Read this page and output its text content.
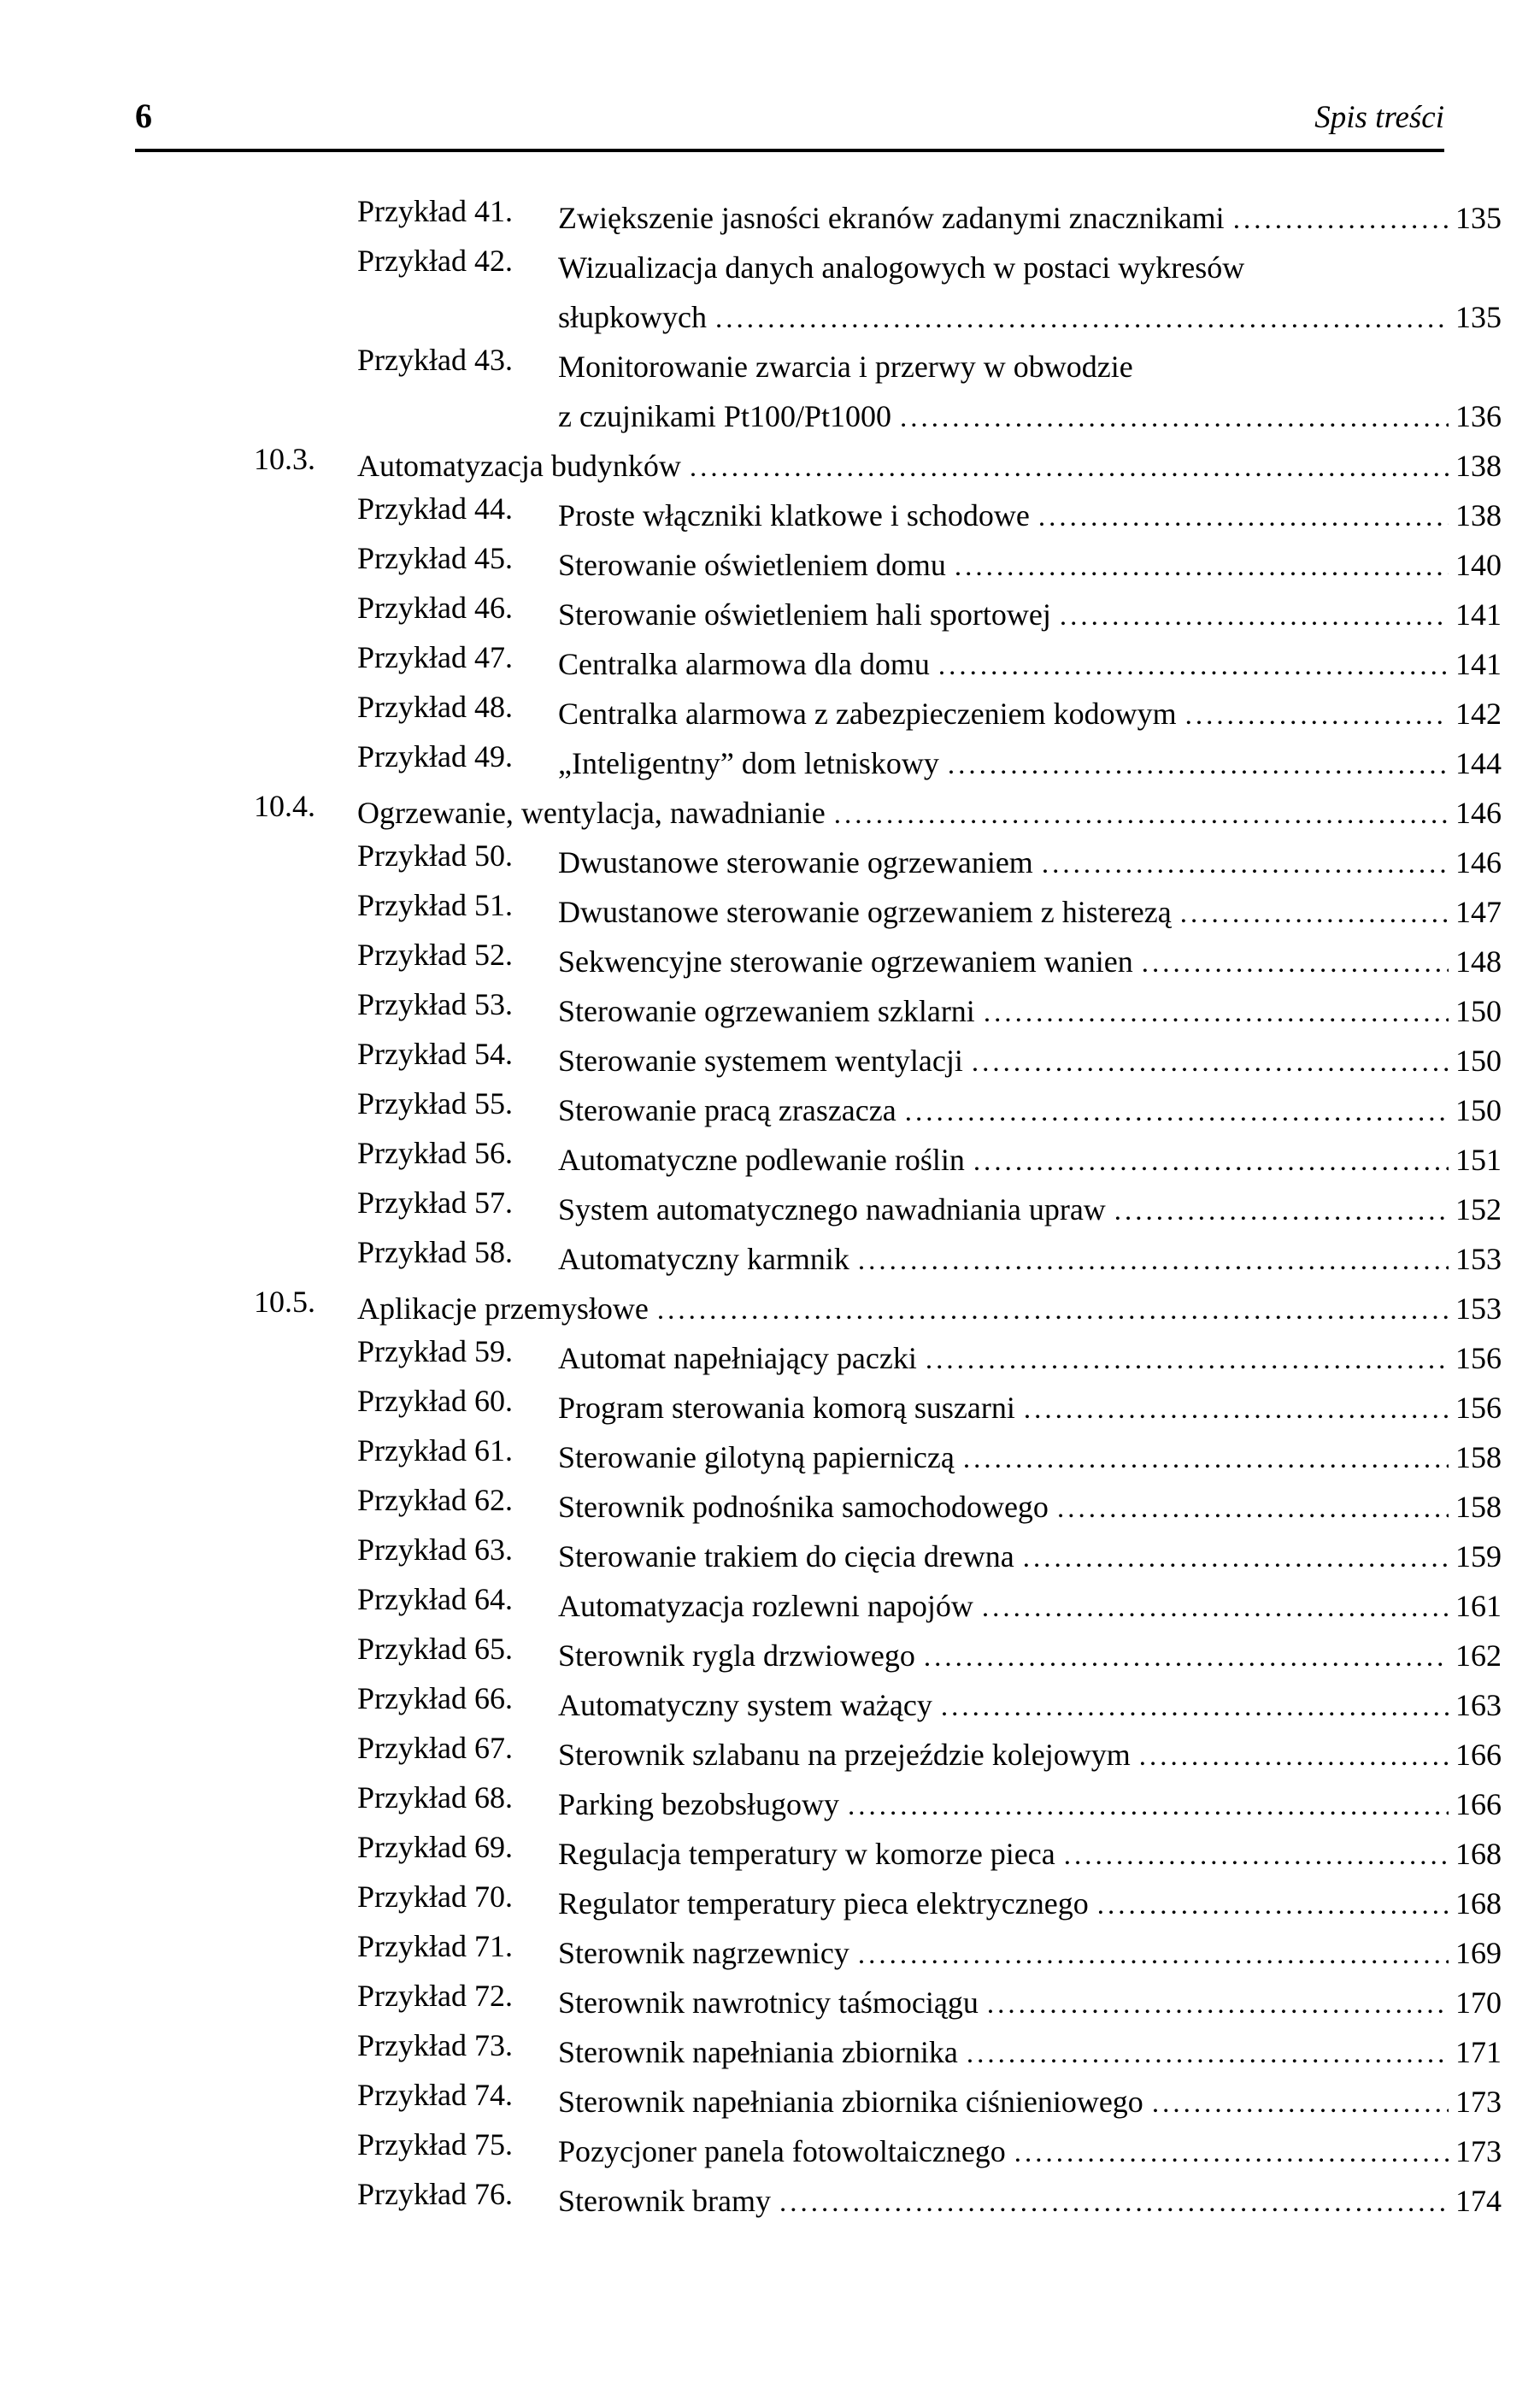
6	Spis treści
Przykład 41.	Zwiększenie jasności ekranów zadanymi znacznikami .....	135
Przykład 42.	Wizualizacja danych analogowych w postaci wykresów
słupkowych .....	135
Przykład 43.	Monitorowanie zwarcia i przerwy w obwodzie
z czujnikami Pt100/Pt1000 .....	136
10.3.	Automatyzacja budynków .....	138
Przykład 44.	Proste włączniki klatkowe i schodowe .....	138
Przykład 45.	Sterowanie oświetleniem domu .....	140
Przykład 46.	Sterowanie oświetleniem hali sportowej .....	141
Przykład 47.	Centralka alarmowa dla domu .....	141
Przykład 48.	Centralka alarmowa z zabezpieczeniem kodowym .....	142
Przykład 49.	„Inteligentny” dom letniskowy .....	144
10.4.	Ogrzewanie, wentylacja, nawadnianie .....	146
Przykład 50.	Dwustanowe sterowanie ogrzewaniem .....	146
Przykład 51.	Dwustanowe sterowanie ogrzewaniem z histerezą .....	147
Przykład 52.	Sekwencyjne sterowanie ogrzewaniem wanien .....	148
Przykład 53.	Sterowanie ogrzewaniem szklarni .....	150
Przykład 54.	Sterowanie systemem wentylacji .....	150
Przykład 55.	Sterowanie pracą zraszacza .....	150
Przykład 56.	Automatyczne podlewanie roślin .....	151
Przykład 57.	System automatycznego nawadniania upraw .....	152
Przykład 58.	Automatyczny karmnik .....	153
10.5.	Aplikacje przemysłowe .....	153
Przykład 59.	Automat napełniający paczki .....	156
Przykład 60.	Program sterowania komorą suszarni .....	156
Przykład 61.	Sterowanie gilotyną papierniczą .....	158
Przykład 62.	Sterownik podnośnika samochodowego .....	158
Przykład 63.	Sterowanie trakiem do cięcia drewna .....	159
Przykład 64.	Automatyzacja rozlewni napojów .....	161
Przykład 65.	Sterownik rygla drzwiowego .....	162
Przykład 66.	Automatyczny system ważący .....	163
Przykład 67.	Sterownik szlabanu na przejeździe kolejowym .....	166
Przykład 68.	Parking bezobsługowy .....	166
Przykład 69.	Regulacja temperatury w komorze pieca .....	168
Przykład 70.	Regulator temperatury pieca elektrycznego .....	168
Przykład 71.	Sterownik nagrzewnicy .....	169
Przykład 72.	Sterownik nawrotnicy taśmociągu .....	170
Przykład 73.	Sterownik napełniania zbiornika .....	171
Przykład 74.	Sterownik napełniania zbiornika ciśnieniowego .....	173
Przykład 75.	Pozycjoner panela fotowoltaicznego .....	173
Przykład 76.	Sterownik bramy .....	174
